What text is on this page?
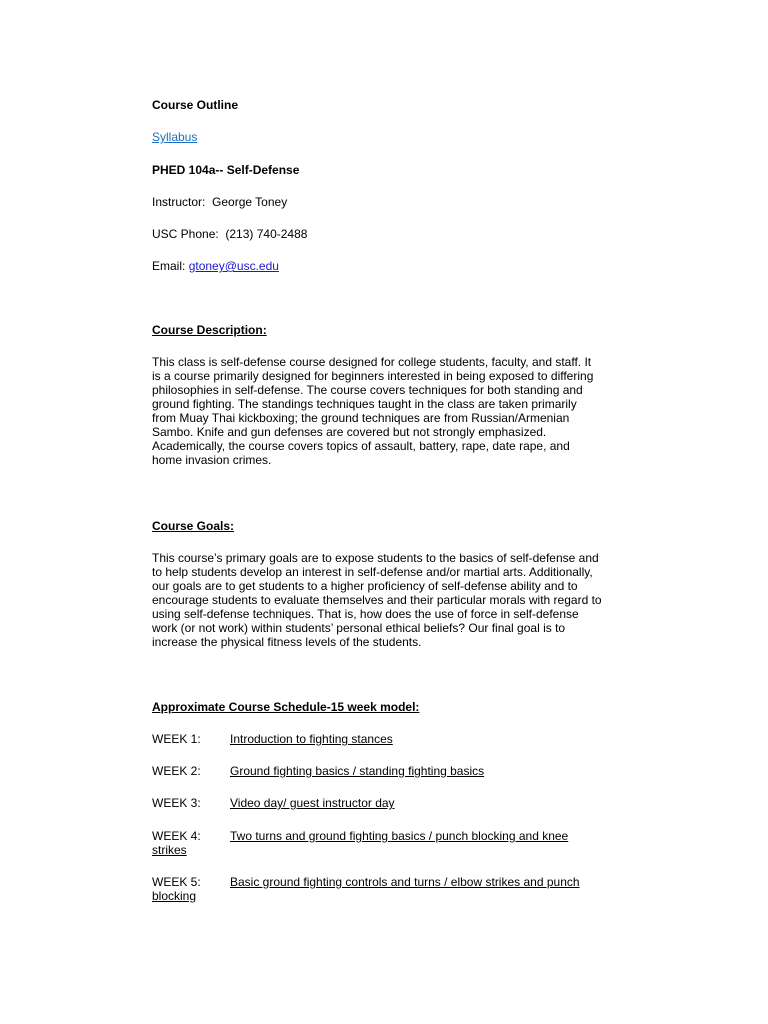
Course Outline
Syllabus
PHED 104a-- Self-Defense
Instructor: George Toney
USC Phone: (213) 740-2488
Email: gtoney@usc.edu
Course Description:
This class is self-defense course designed for college students, faculty, and staff. It is a course primarily designed for beginners interested in being exposed to differing philosophies in self-defense. The course covers techniques for both standing and ground fighting. The standings techniques taught in the class are taken primarily from Muay Thai kickboxing; the ground techniques are from Russian/Armenian Sambo. Knife and gun defenses are covered but not strongly emphasized. Academically, the course covers topics of assault, battery, rape, date rape, and home invasion crimes.
Course Goals:
This course’s primary goals are to expose students to the basics of self-defense and to help students develop an interest in self-defense and/or martial arts. Additionally, our goals are to get students to a higher proficiency of self-defense ability and to encourage students to evaluate themselves and their particular morals with regard to using self-defense techniques. That is, how does the use of force in self-defense work (or not work) within students’ personal ethical beliefs? Our final goal is to increase the physical fitness levels of the students.
Approximate Course Schedule-15 week model:
WEEK 1: Introduction to fighting stances
WEEK 2: Ground fighting basics / standing fighting basics
WEEK 3: Video day/ guest instructor day
WEEK 4: Two turns and ground fighting basics / punch blocking and knee strikes
WEEK 5: Basic ground fighting controls and turns / elbow strikes and punch blocking
